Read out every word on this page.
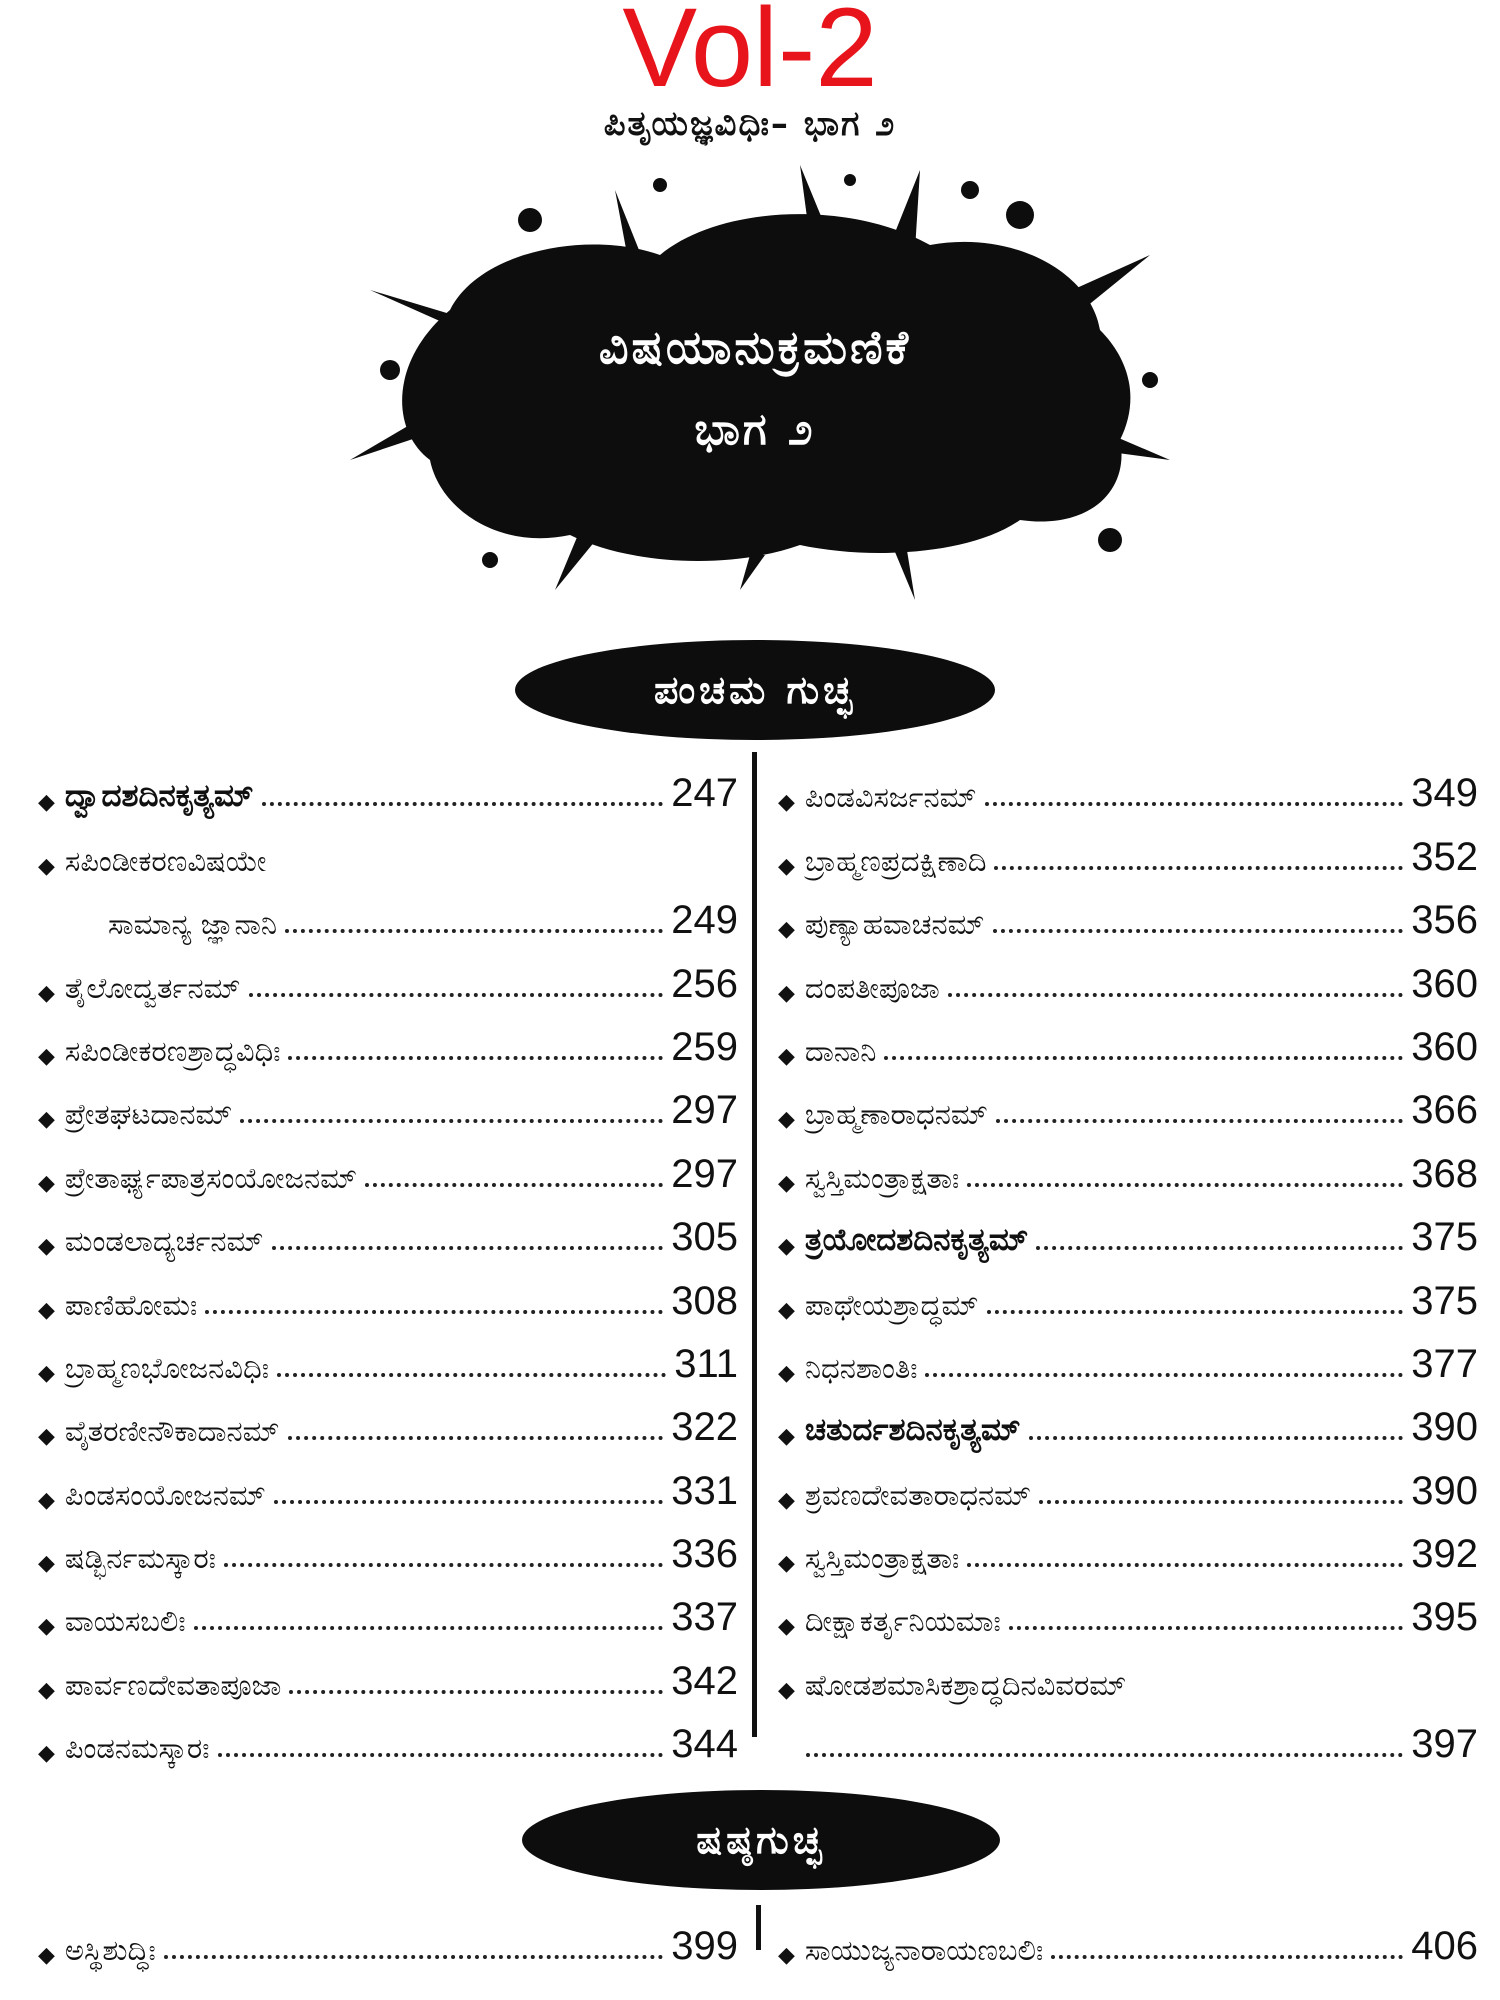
Vol-2
ಪಿತೃಯಜ್ಞವಿಧಿಃ– ಭಾಗ ೨
ವಿಷಯಾನುಕ್ರಮಣಿಕೆ
ಭಾಗ ೨
ಪಂಚಮ ಗುಚ್ಛ
◆ ದ್ವಾದಶದಿನಕೃತ್ಯಮ್	247
◆ ಸಪಿಂಡೀಕರಣವಿಷಯೇ
ಸಾಮಾನ್ಯ ಜ್ಞಾನಾನಿ	249
◆ ತೈಲೋದ್ವರ್ತನಮ್	256
◆ ಸಪಿಂಡೀಕರಣಶ್ರಾದ್ಧವಿಧಿಃ	259
◆ ಪ್ರೇತಘಟದಾನಮ್	297
◆ ಪ್ರೇತಾರ್ಘ್ಯಪಾತ್ರಸಂಯೋಜನಮ್	297
◆ ಮಂಡಲಾದ್ಯರ್ಚನಮ್	305
◆ ಪಾಣಿಹೋಮಃ	308
◆ ಬ್ರಾಹ್ಮಣಭೋಜನವಿಧಿಃ	311
◆ ವೈತರಣೀನೌಕಾದಾನಮ್	322
◆ ಪಿಂಡಸಂಯೋಜನಮ್	331
◆ ಷಡ್ಭಿರ್ನಮಸ್ಕಾರಃ	336
◆ ವಾಯಸಬಲಿಃ	337
◆ ಪಾರ್ವಣದೇವತಾಪೂಜಾ	342
◆ ಪಿಂಡನಮಸ್ಕಾರಃ	344
◆ ಪಿಂಡವಿಸರ್ಜನಮ್	349
◆ ಬ್ರಾಹ್ಮಣಪ್ರದಕ್ಷಿಣಾದಿ	352
◆ ಪುಣ್ಯಾಹವಾಚನಮ್	356
◆ ದಂಪತೀಪೂಜಾ	360
◆ ದಾನಾನಿ	360
◆ ಬ್ರಾಹ್ಮಣಾರಾಧನಮ್	366
◆ ಸ್ವಸ್ತಿಮಂತ್ರಾಕ್ಷತಾಃ	368
◆ ತ್ರಯೋದಶದಿನಕೃತ್ಯಮ್	375
◆ ಪಾಥೇಯಶ್ರಾದ್ಧಮ್	375
◆ ನಿಧನಶಾಂತಿಃ	377
◆ ಚತುರ್ದಶದಿನಕೃತ್ಯಮ್	390
◆ ಶ್ರವಣದೇವತಾರಾಧನಮ್	390
◆ ಸ್ವಸ್ತಿಮಂತ್ರಾಕ್ಷತಾಃ	392
◆ ದೀಕ್ಷಾಕರ್ತೃನಿಯಮಾಃ	395
◆ ಷೋಡಶಮಾಸಿಕಶ್ರಾದ್ಧದಿನವಿವರಮ್
397
ಷಷ್ಠಗುಚ್ಛ
◆ ಅಸ್ಥಿಶುದ್ಧಿಃ	399 ◆ ಸಾಯುಜ್ಯನಾರಾಯಣಬಲಿಃ	406
